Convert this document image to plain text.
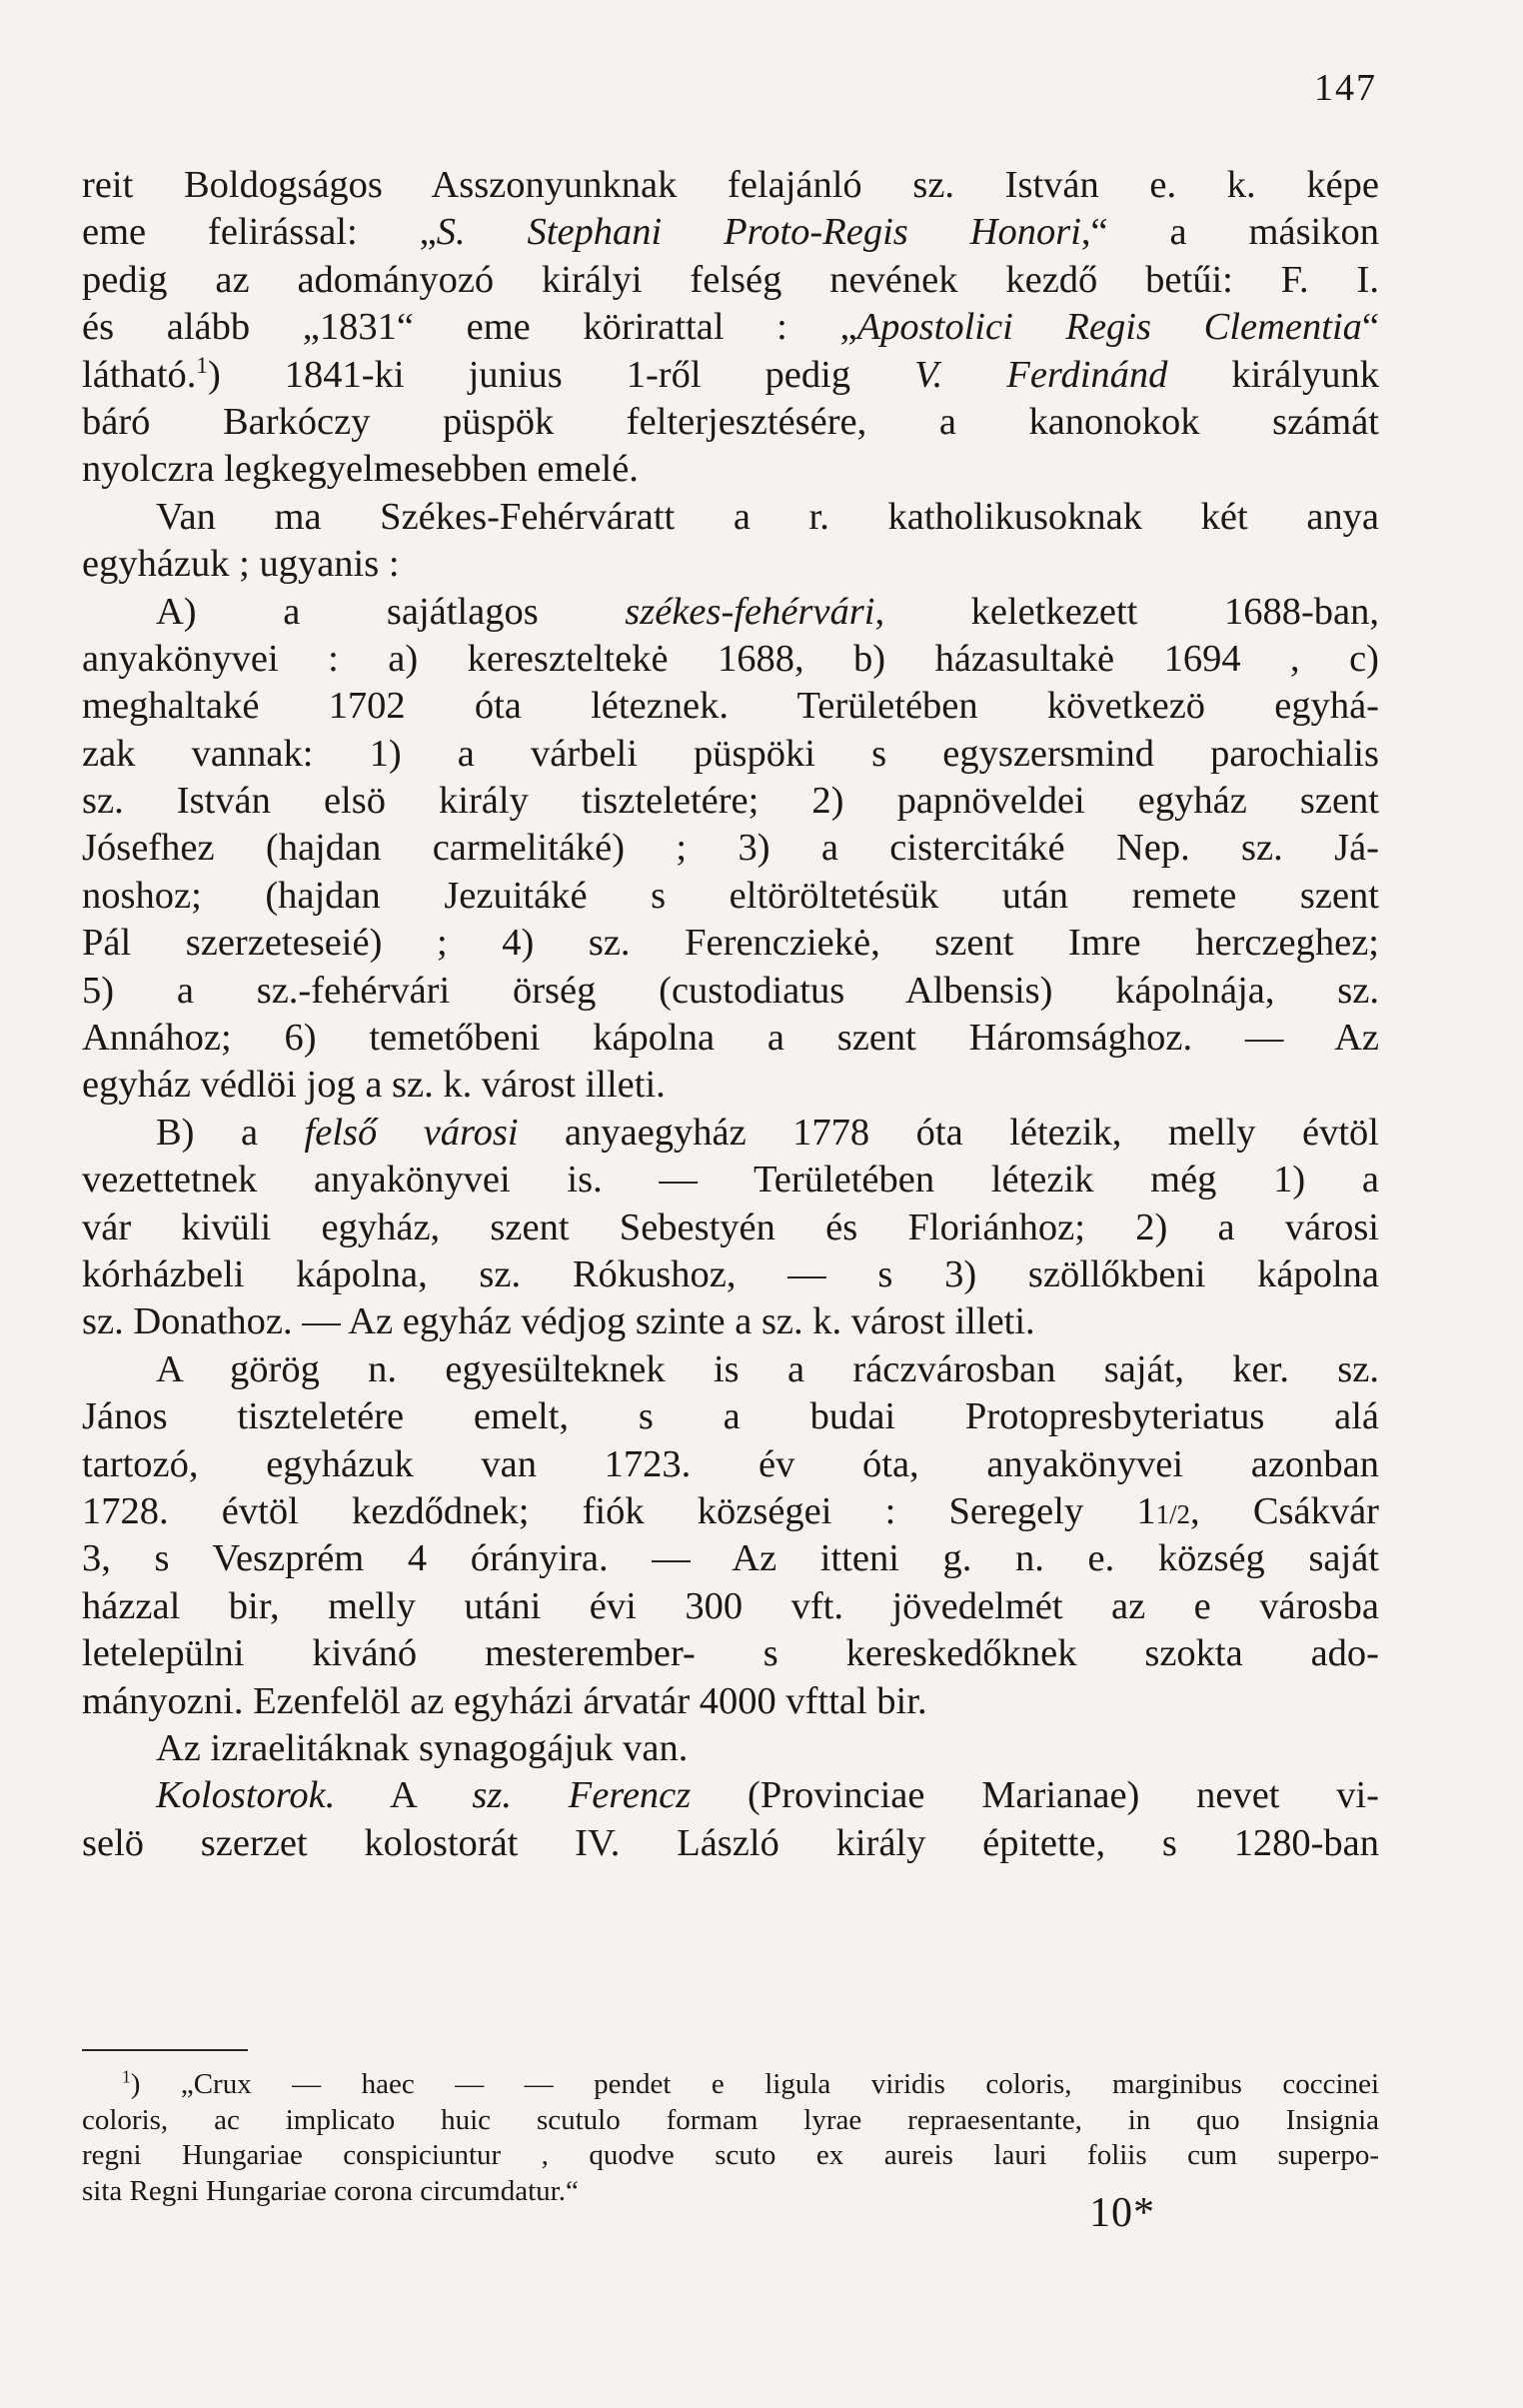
147
reit Boldogságos Asszonyunknak felajánló sz. István e. k. képe
eme felirással: „S. Stephani Proto-Regis Honori,“ a másikon
pedig az adományozó királyi felség nevének kezdő betűi: F. I.
és alább „1831“ eme körirattal : „Apostolici Regis Clementia“
látható.$^1$) 1841-ki junius 1-ről pedig V. Ferdinánd királyunk
báró Barkóczy püspök felterjesztésére, a kanonokok számát
nyolczra legkegyelmesebben emelé.
Van ma Székes-Fehérváratt a r. katholikusoknak két anya
egyházuk ; ugyanis :
A) a sajátlagos székes-fehérvári, keletkezett 1688-ban,
anyakönyvei : a) kereszteltekė 1688, b) házasultakė 1694 , c)
meghaltaké 1702 óta léteznek. Területében következö egyhá-
zak vannak: 1) a várbeli püspöki s egyszersmind parochialis
sz. István elsö király tiszteletére; 2) papnöveldei egyház szent
Jósefhez (hajdan carmelitáké) ; 3) a cistercitáké Nep. sz. Já-
noshoz; (hajdan Jezuitáké s eltöröltetésük után remete szent
Pál szerzeteseié) ; 4) sz. Ferencziekė, szent Imre herczeghez;
5) a sz.-fehérvári örség (custodiatus Albensis) kápolnája, sz.
Annához; 6) temetőbeni kápolna a szent Háromsághoz. — Az
egyház védlöi jog a sz. k. várost illeti.
B) a felső városi anyaegyház 1778 óta létezik, melly évtöl
vezettetnek anyakönyvei is. — Területében létezik még 1) a
vár kivüli egyház, szent Sebestyén és Floriánhoz; 2) a városi
kórházbeli kápolna, sz. Rókushoz, — s 3) szöllőkbeni kápolna
sz. Donathoz. — Az egyház védjog szinte a sz. k. várost illeti.
A görög n. egyesülteknek is a ráczvárosban saját, ker. sz.
János tiszteletére emelt, s a budai Protopresbyteriatus alá
tartozó, egyházuk van 1723. év óta, anyakönyvei azonban
1728. évtöl kezdődnek; fiók községei : Seregely 11/2, Csákvár
3, s Veszprém 4 órányira. — Az itteni g. n. e. község saját
házzal bir, melly utáni évi 300 vft. jövedelmét az e városba
letelepülni kivánó mesterember- s kereskedőknek szokta ado-
mányozni. Ezenfelöl az egyházi árvatár 4000 vfttal bir.
Az izraelitáknak synagogájuk van.
Kolostorok. A sz. Ferencz (Provinciae Marianae) nevet vi-
selö szerzet kolostorát IV. László király épitette, s 1280-ban
$^1$) „Crux — haec — — pendet e ligula viridis coloris, marginibus coccinei
coloris, ac implicato huic scutulo formam lyrae repraesentante, in quo Insignia
regni Hungariae conspiciuntur , quodve scuto ex aureis lauri foliis cum superpo-
sita Regni Hungariae corona circumdatur.“	10*
